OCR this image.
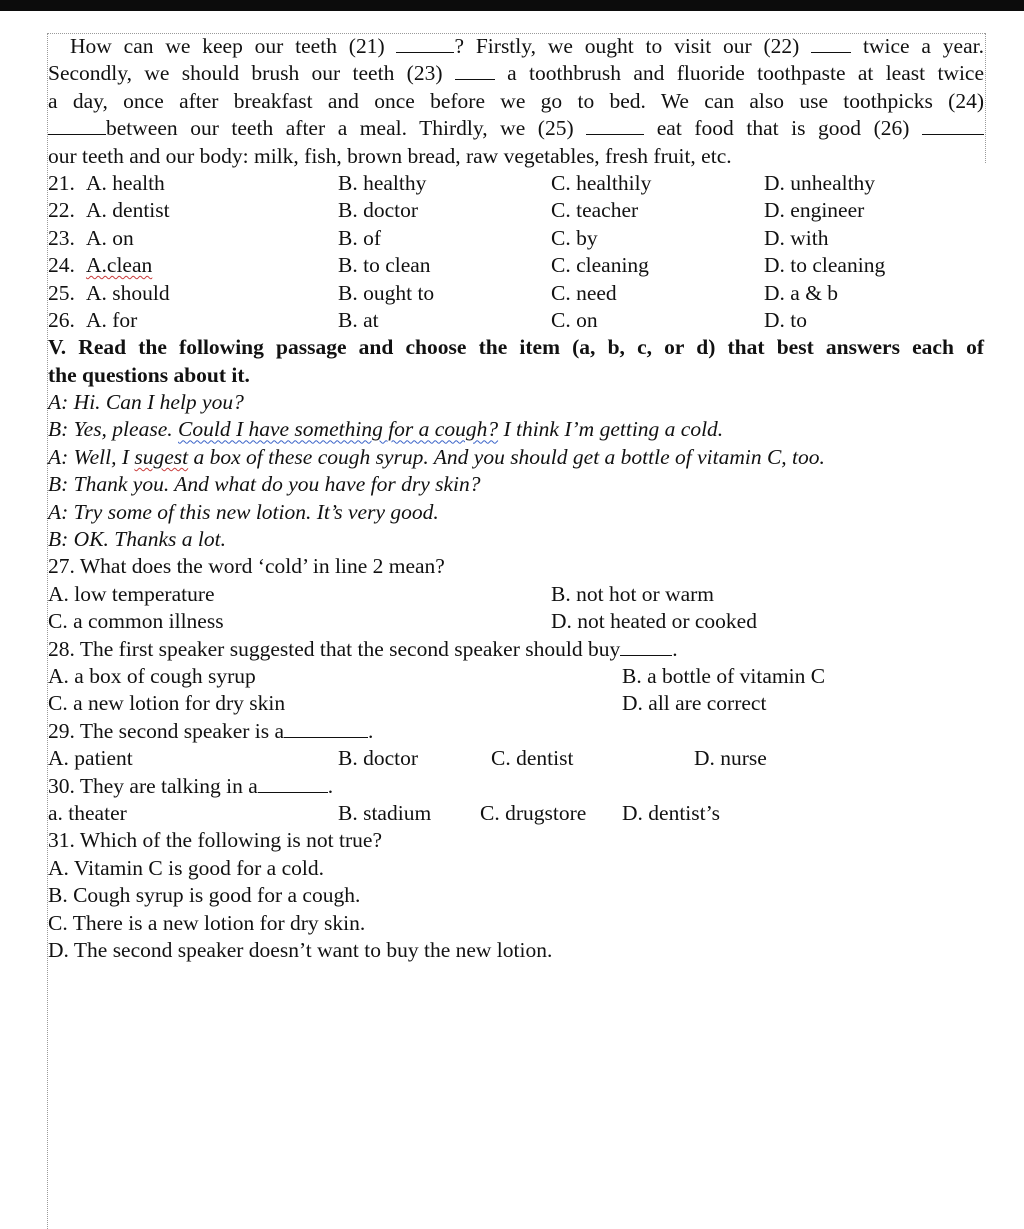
How can we keep our teeth (21)	? Firstly, we ought to visit our (22)	twice a year.
Secondly, we should brush our teeth (23)	a toothbrush and fluoride toothpaste at least twice
a day, once after breakfast and once before we go to bed. We can also use toothpicks (24)
between our teeth after a meal. Thirdly, we (25)	eat food that is good (26)
our teeth and our body: milk, fish, brown bread, raw vegetables, fresh fruit, etc.
21. A. health	B. healthy	C. healthily	D. unhealthy
22. A. dentist	B. doctor	C. teacher	D. engineer
23. A. on	B. of	C. by	D. with
24. A.clean	B. to clean	C. cleaning	D. to cleaning
25. A. should	B. ought to	C. need	D. a & b
26. A. for	B. at	C. on	D. to
V. Read the following passage and choose the item (a, b, c, or d) that best answers each of
the questions about it.
A: Hi. Can I help you?
B: Yes, please. Could I have something for a cough? I think I’m getting a cold.
A: Well, I sugest a box of these cough syrup. And you should get a bottle of vitamin C, too.
B: Thank you. And what do you have for dry skin?
A: Try some of this new lotion. It’s very good.
B: OK. Thanks a lot.
27. What does the word ‘cold’ in line 2 mean?
A. low temperature	B. not hot or warm
C. a common illness	D. not heated or cooked
28. The first speaker suggested that the second speaker should buy .
A. a box of cough syrup	B. a bottle of vitamin C
C. a new lotion for dry skin	D. all are correct
29. The second speaker is a	.
A. patient	B. doctor	C. dentist	D. nurse
30. They are talking in a	.
a. theater	B. stadium C. drugstore D. dentist’s
31. Which of the following is not true?
A. Vitamin C is good for a cold.
B. Cough syrup is good for a cough.
C. There is a new lotion for dry skin.
D. The second speaker doesn’t want to buy the new lotion.
